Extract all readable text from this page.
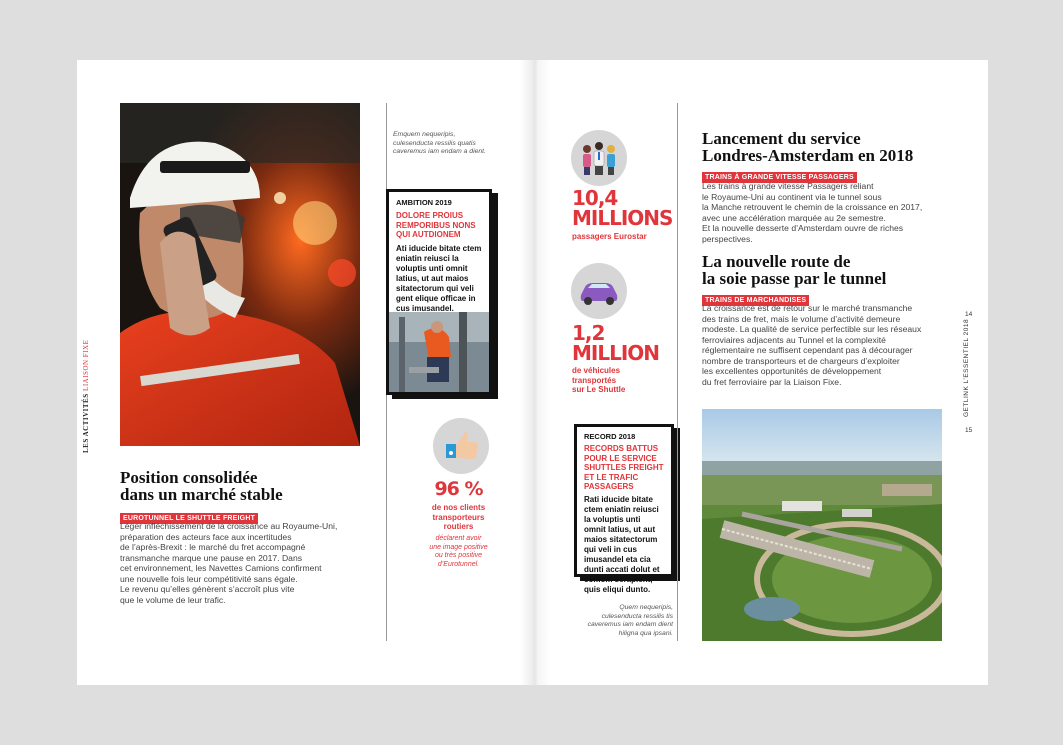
LES ACTIVITÉS LIAISON FIXE
Emquem nequeripis, culesenducta ressilis quatis caveremus iam endam a dient.
AMBITION 2019
DOLORE PROIUS REMPORIBUS NONS QUI AUTDIONEM
Ati iducide bitate ctem eniatin reiusci la voluptis unti omnit latius, ut aut maios sitatectorum qui veli gent elique officae in cus imusandel.
96 %
de nos clients
transporteurs
routiers
déclarent avoir
une image positive
ou très positive
d’Eurotunnel.
Position consolidée
dans un marché stable
EUROTUNNEL LE SHUTTLE FREIGHT
Léger infléchissement de la croissance au Royaume-Uni,
préparation des acteurs face aux incertitudes
de l’après-Brexit : le marché du fret accompagné
transmanche marque une pause en 2017. Dans
cet environnement, les Navettes Camions confirment
une nouvelle fois leur compétitivité sans égale.
Le revenu qu’elles génèrent s’accroît plus vite
que le volume de leur trafic.
10,4
MILLIONS
passagers Eurostar
1,2
MILLION
de véhicules
transportés
sur Le Shuttle
RECORD 2018
RECORDS BATTUS POUR LE SERVICE SHUTTLES FREIGHT ET LE TRAFIC PASSAGERS
Rati iducide bitate ctem eniatin reiusci la voluptis unti omnit latius, ut aut maios sitatectorum qui veli in cus imusandel eta cia dunti accati dolut et comom serapient, quis eliqui dunto.
Quem nequeripis, culesenducta ressilis tis caveremus iam endam dient hiligna qua ipsani.
Lancement du service
Londres-Amsterdam en 2018
TRAINS À GRANDE VITESSE PASSAGERS
Les trains à grande vitesse Passagers reliant
le Royaume-Uni au continent via le tunnel sous
la Manche retrouvent le chemin de la croissance en 2017,
avec une accélération marquée au 2e semestre.
Et la nouvelle desserte d’Amsterdam ouvre de riches
perspectives.
La nouvelle route de
la soie passe par le tunnel
TRAINS DE MARCHANDISES
La croissance est de retour sur le marché transmanche
des trains de fret, mais le volume d’activité demeure
modeste. La qualité de service perfectible sur les réseaux
ferroviaires adjacents au Tunnel et la complexité
réglementaire ne suffisent cependant pas à décourager
nombre de transporteurs et de chargeurs d’exploiter
les excellentes opportunités de développement
du fret ferroviaire par la Liaison Fixe.
14
GETLINK L’ESSENTIEL 2018
15
